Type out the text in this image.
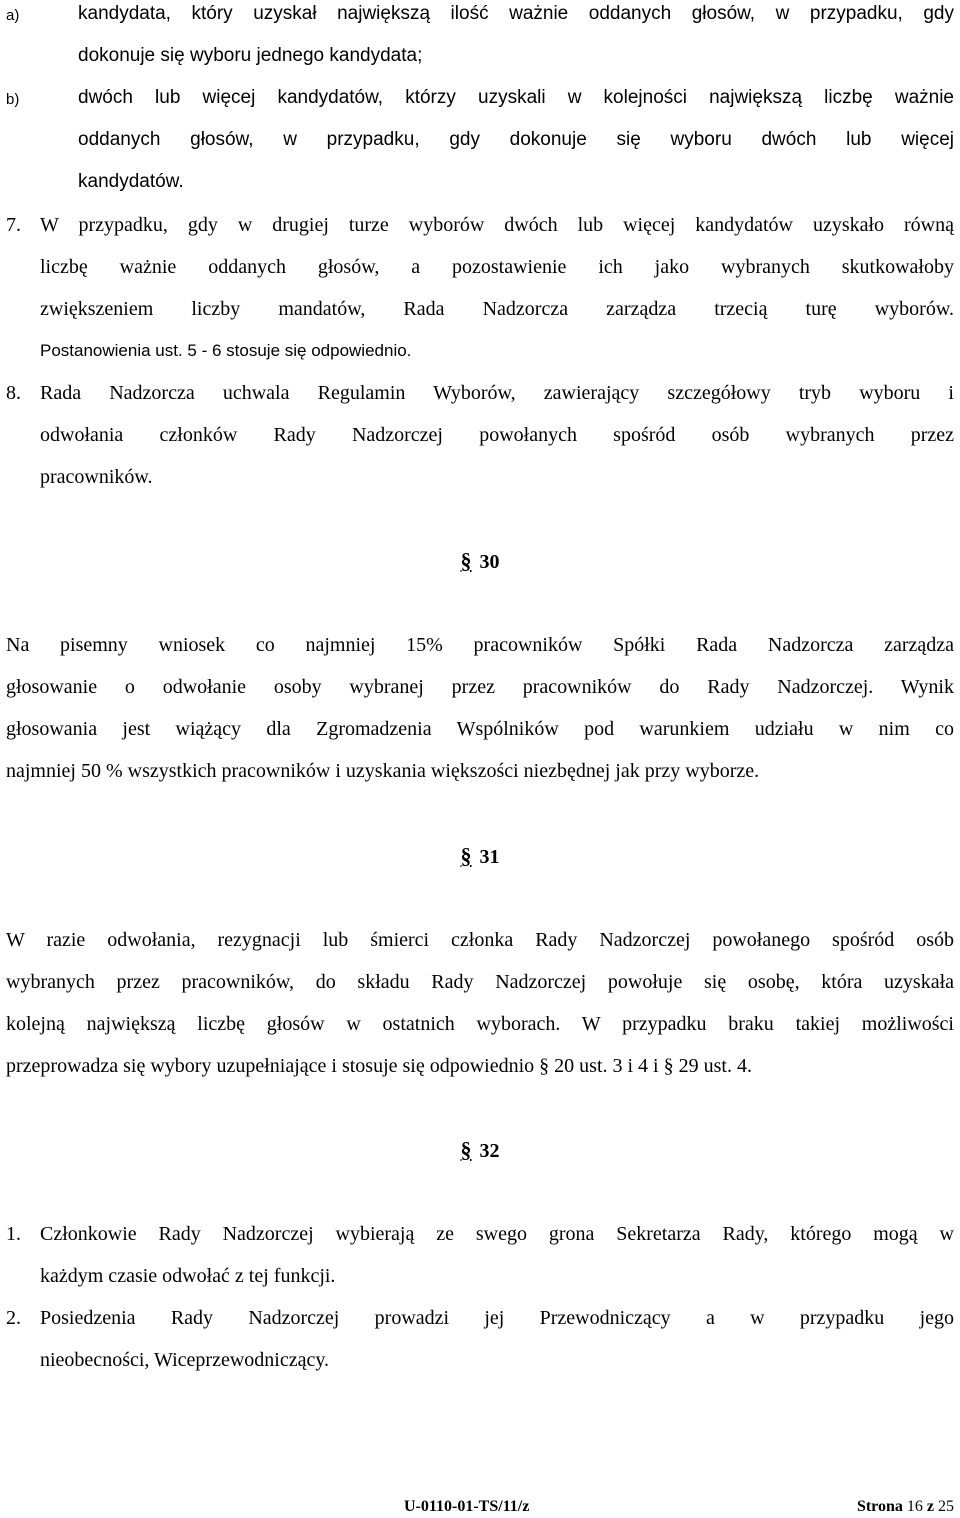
a)	kandydata, który uzyskał największą ilość ważnie oddanych głosów, w przypadku, gdy
dokonuje się wyboru jednego kandydata;
b)	dwóch lub więcej kandydatów, którzy uzyskali w kolejności największą liczbę ważnie
oddanych głosów, w przypadku, gdy dokonuje się wyboru dwóch lub więcej
kandydatów.
7. W przypadku, gdy w drugiej turze wyborów dwóch lub więcej kandydatów uzyskało równą
liczbę ważnie oddanych głosów, a pozostawienie ich jako wybranych skutkowałoby
zwiększeniem liczby mandatów, Rada Nadzorcza zarządza trzecią turę wyborów.
Postanowienia ust. 5 - 6 stosuje się odpowiednio.
8. Rada Nadzorcza uchwala Regulamin Wyborów, zawierający szczegółowy tryb wyboru i
odwołania członków Rady Nadzorczej powołanych spośród osób wybranych przez
pracowników.
§ 30
Na pisemny wniosek co najmniej 15% pracowników Spółki Rada Nadzorcza zarządza
głosowanie o odwołanie osoby wybranej przez pracowników do Rady Nadzorczej. Wynik
głosowania jest wiążący dla Zgromadzenia Wspólników pod warunkiem udziału w nim co
najmniej 50 % wszystkich pracowników i uzyskania większości niezbędnej jak przy wyborze.
§ 31
W razie odwołania, rezygnacji lub śmierci członka Rady Nadzorczej powołanego spośród osób
wybranych przez pracowników, do składu Rady Nadzorczej powołuje się osobę, która uzyskała
kolejną największą liczbę głosów w ostatnich wyborach. W przypadku braku takiej możliwości
przeprowadza się wybory uzupełniające i stosuje się odpowiednio § 20 ust. 3 i 4 i § 29 ust. 4.
§ 32
1. Członkowie Rady Nadzorczej wybierają ze swego grona Sekretarza Rady, którego mogą w
każdym czasie odwołać z tej funkcji.
2. Posiedzenia Rady Nadzorczej prowadzi jej Przewodniczący a w przypadku jego
nieobecności, Wiceprzewodniczący.
U-0110-01-TS/11/z	Strona 16 z 25
